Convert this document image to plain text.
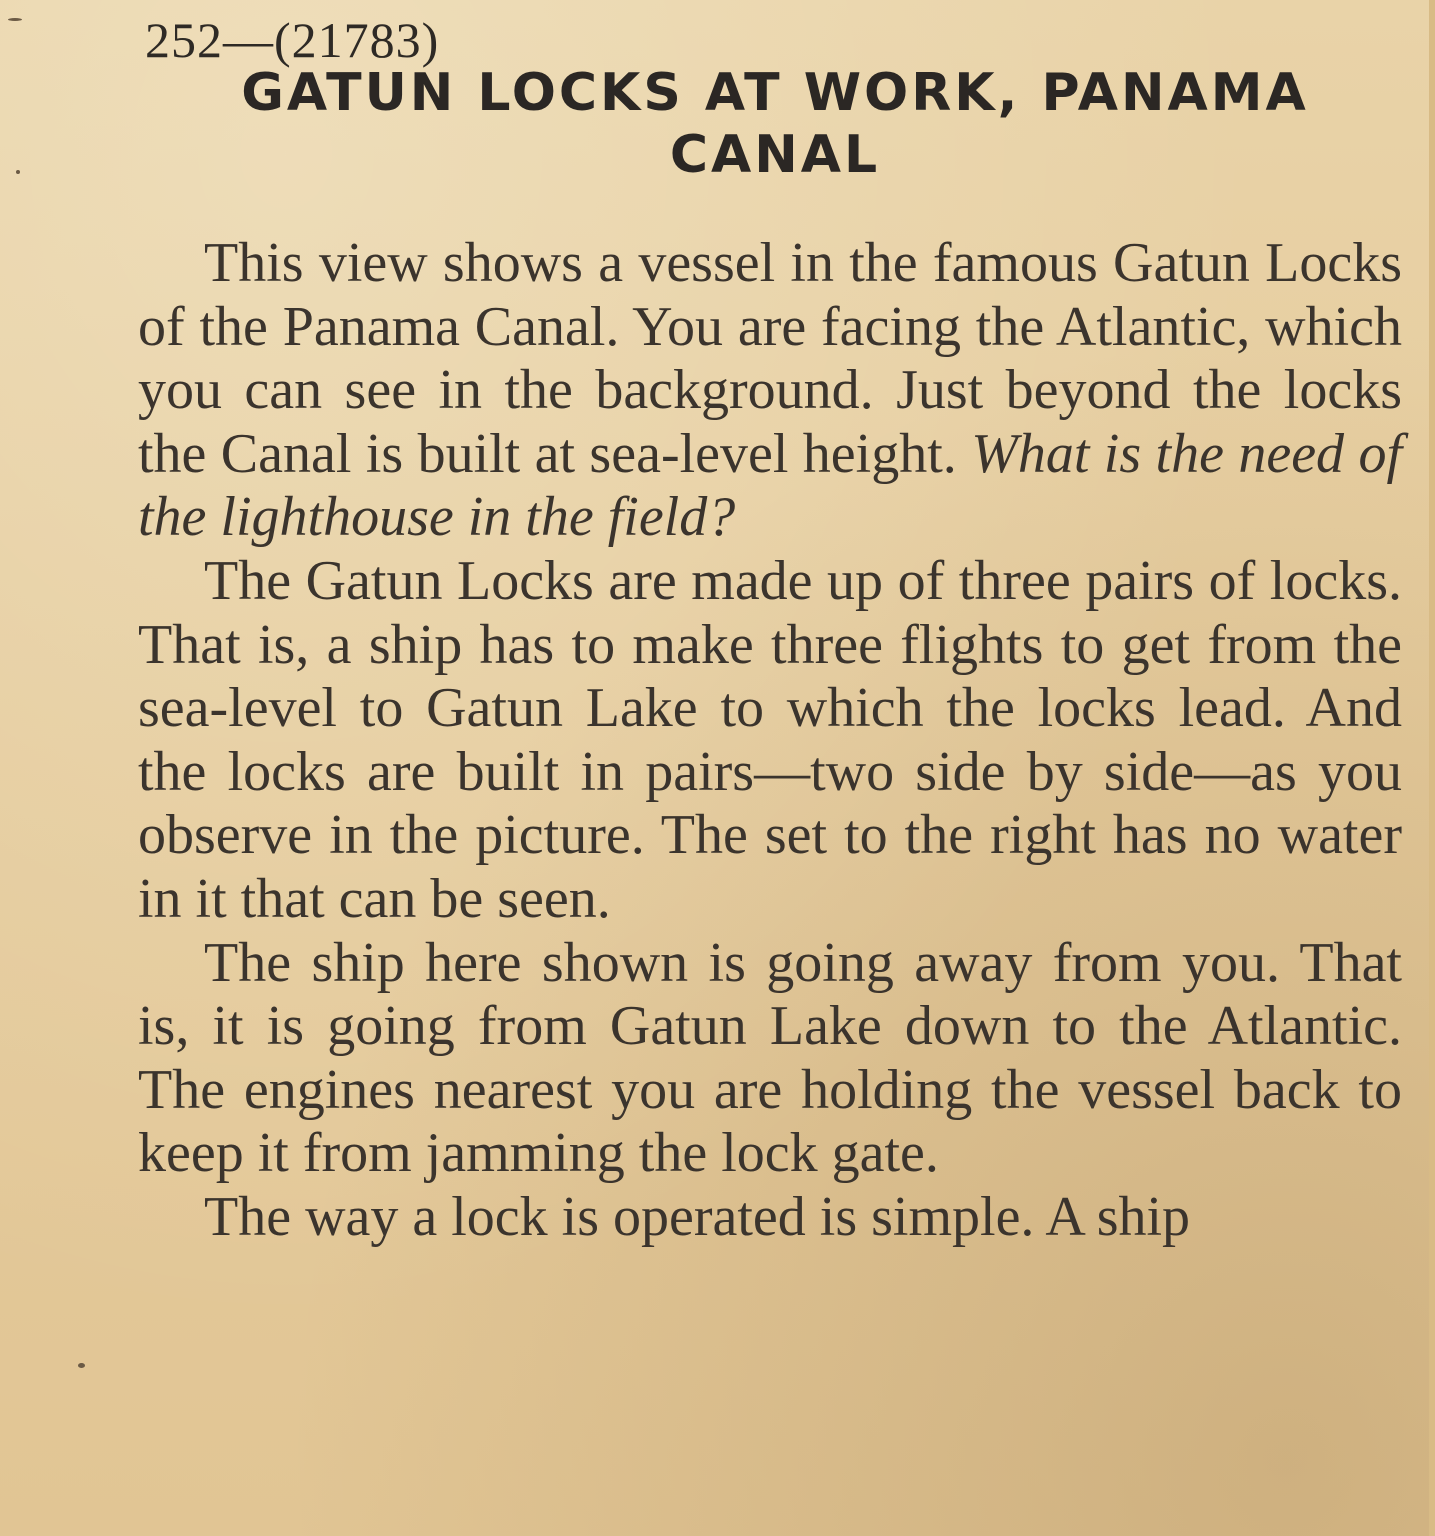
252—(21783)
GATUN LOCKS AT WORK, PANAMA CANAL

This view shows a vessel in the famous Gatun Locks of the Panama Canal. You are facing the Atlantic, which you can see in the background. Just beyond the locks the Canal is built at sea-level height. What is the need of the lighthouse in the field?

The Gatun Locks are made up of three pairs of locks. That is, a ship has to make three flights to get from the sea-level to Gatun Lake to which the locks lead. And the locks are built in pairs—two side by side—as you observe in the picture. The set to the right has no water in it that can be seen.

The ship here shown is going away from you. That is, it is going from Gatun Lake down to the Atlantic. The engines nearest you are holding the vessel back to keep it from jamming the lock gate.

The way a lock is operated is simple. A ship
